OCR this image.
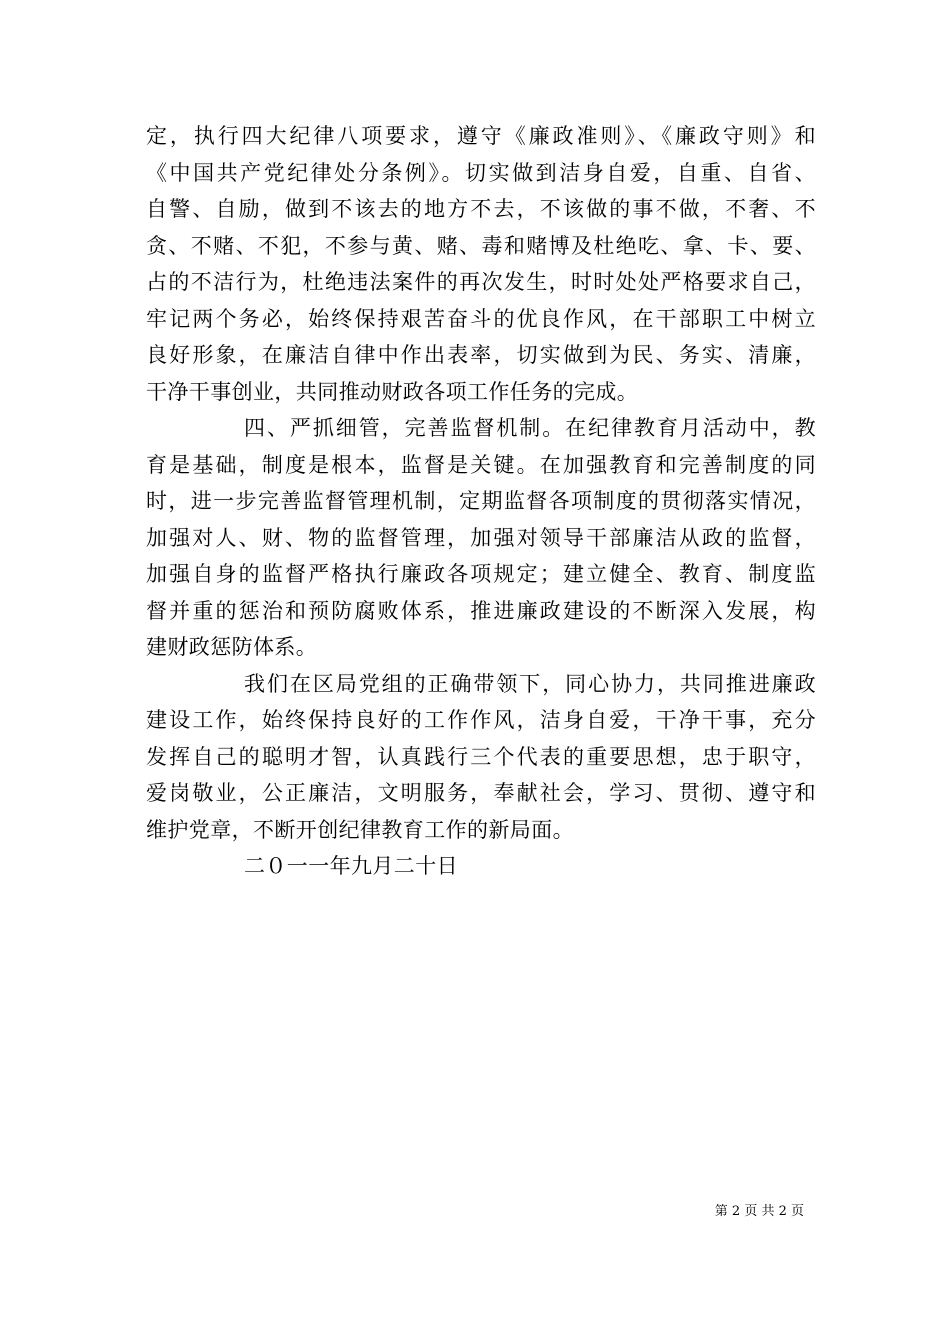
定，执行四大纪律八项要求，遵守《廉政准则》、《廉政守则》和
《中国共产党纪律处分条例》。切实做到洁身自爱，自重、自省、
自警、自励，做到不该去的地方不去，不该做的事不做，不奢、不
贪、不赌、不犯，不参与黄、赌、毒和赌博及杜绝吃、拿、卡、要、
占的不洁行为，杜绝违法案件的再次发生，时时处处严格要求自己，
牢记两个务必，始终保持艰苦奋斗的优良作风，在干部职工中树立
良好形象，在廉洁自律中作出表率，切实做到为民、务实、清廉，
干净干事创业，共同推动财政各项工作任务的完成。
四、严抓细管，完善监督机制。在纪律教育月活动中，教
育是基础，制度是根本，监督是关键。在加强教育和完善制度的同
时，进一步完善监督管理机制，定期监督各项制度的贯彻落实情况，
加强对人、财、物的监督管理，加强对领导干部廉洁从政的监督，
加强自身的监督严格执行廉政各项规定；建立健全、教育、制度监
督并重的惩治和预防腐败体系，推进廉政建设的不断深入发展，构
建财政惩防体系。
我们在区局党组的正确带领下，同心协力，共同推进廉政
建设工作，始终保持良好的工作作风，洁身自爱，干净干事，充分
发挥自己的聪明才智，认真践行三个代表的重要思想，忠于职守，
爱岗敬业，公正廉洁，文明服务，奉献社会，学习、贯彻、遵守和
维护党章，不断开创纪律教育工作的新局面。
二０一一年九月二十日
第 2 页 共 2 页
